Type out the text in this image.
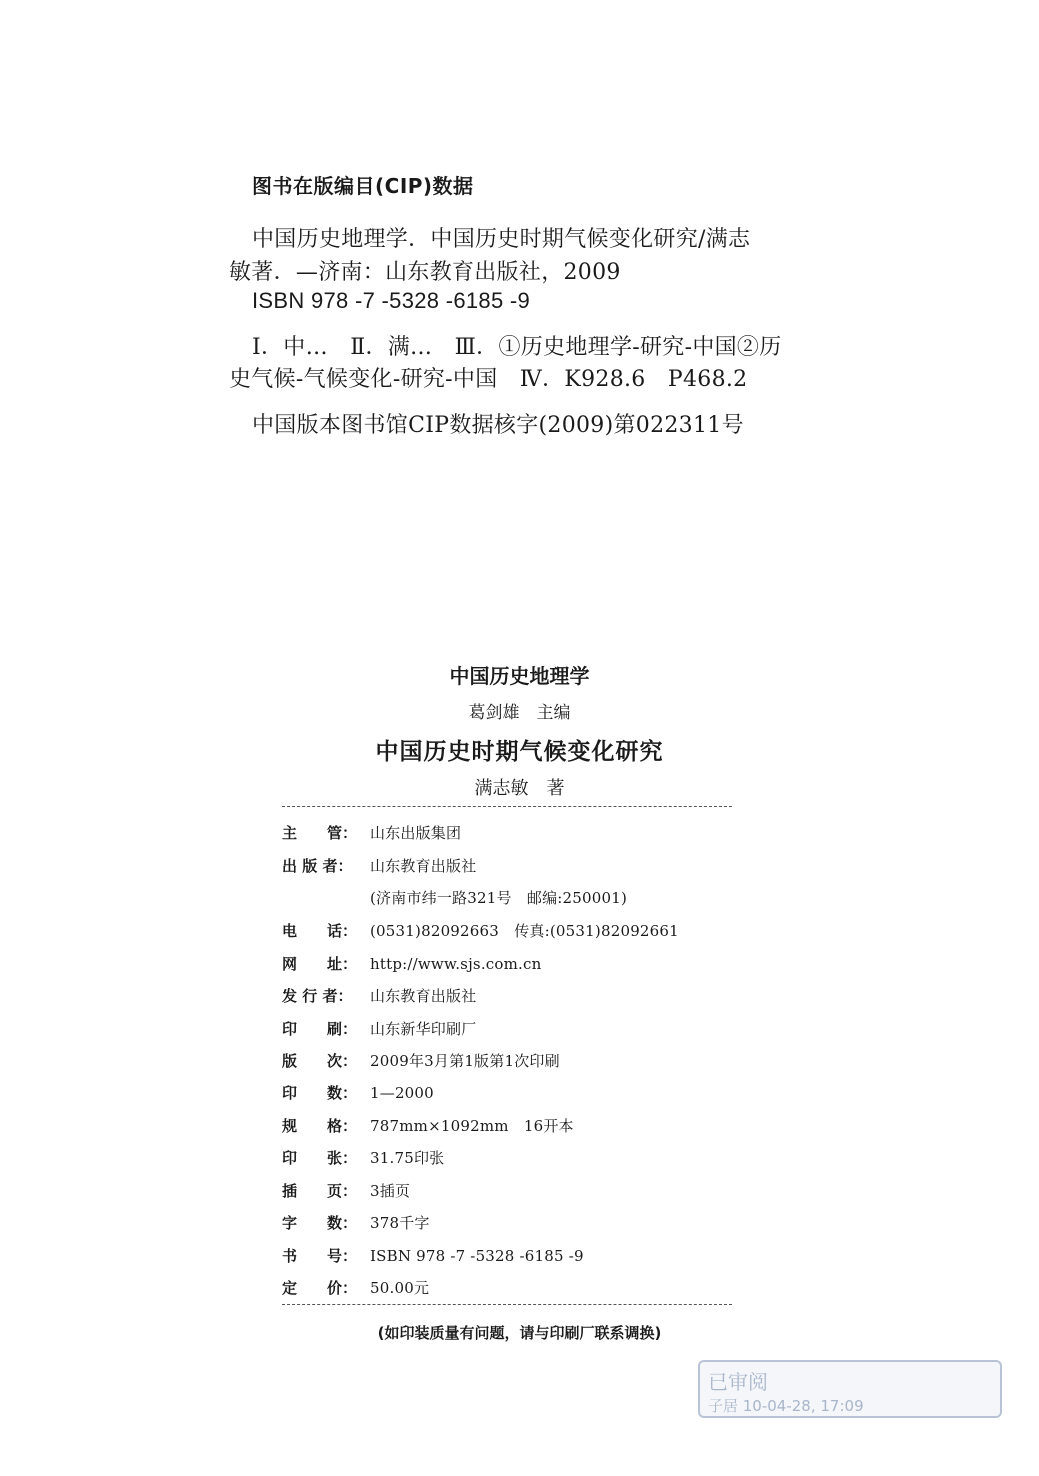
图书在版编目(CIP)数据
中国历史地理学．中国历史时期气候变化研究/满志
敏著．—济南：山东教育出版社，2009
ISBN 978 -7 -5328 -6185 -9
Ⅰ．中…　Ⅱ．满…　Ⅲ．①历史地理学-研究-中国②历
史气候-气候变化-研究-中国　Ⅳ．K928.6　P468.2
中国版本图书馆CIP数据核字(2009)第022311号
中国历史地理学
葛剑雄　主编
中国历史时期气候变化研究
满志敏　著
主　　管： 山东出版集团
出 版 者：	山东教育出版社
(济南市纬一路321号　邮编:250001)
电　　话： (0531)82092663　传真:(0531)82092661
网　　址： http://www.sjs.com.cn
发 行 者：	山东教育出版社
印　　刷： 山东新华印刷厂
版　　次： 2009年3月第1版第1次印刷
印　　数： 1—2000
规　　格： 787mm×1092mm　16开本
印　　张： 31.75印张
插　　页： 3插页
字　　数： 378千字
书　　号： ISBN 978 -7 -5328 -6185 -9
定　　价： 50.00元
(如印装质量有问题，请与印刷厂联系调换)
已审阅
子居 10-04-28, 17:09
